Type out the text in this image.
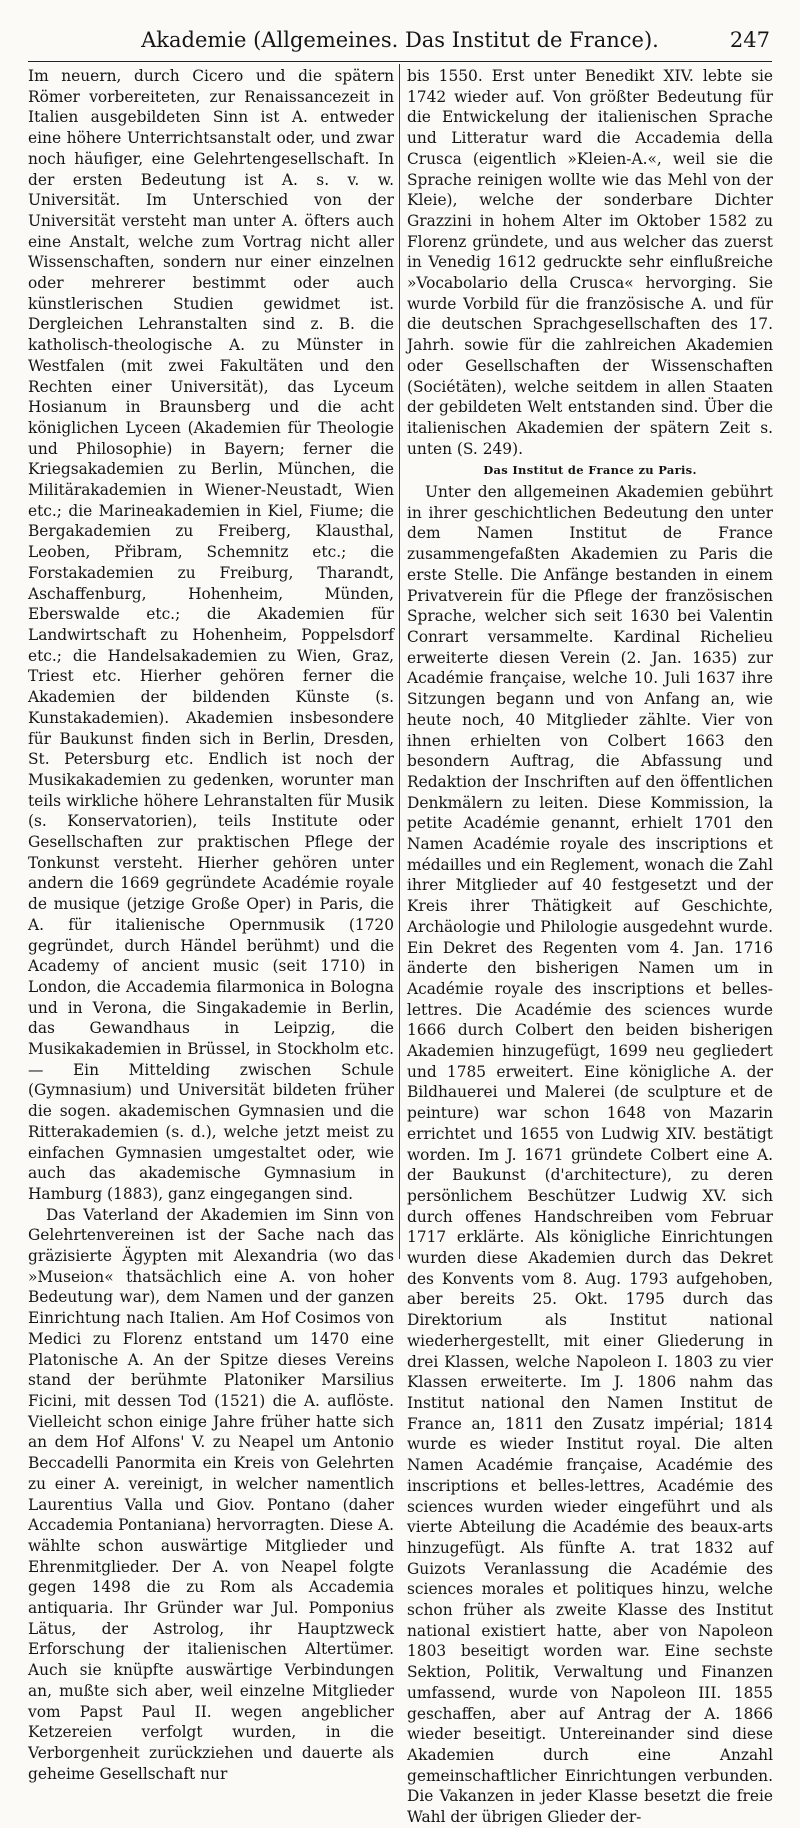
Akademie (Allgemeines. Das Institut de France).	247

Im neuern, durch Cicero und die spätern Römer vorbereiteten, zur Renaissancezeit in Italien ausgebildeten Sinn ist A. entweder eine höhere Unterrichtsanstalt oder, und zwar noch häufiger, eine Gelehrtengesellschaft. In der ersten Bedeutung ist A. s. v. w. Universität. Im Unterschied von der Universität versteht man unter A. öfters auch eine Anstalt, welche zum Vortrag nicht aller Wissenschaften, sondern nur einer einzelnen oder mehrerer bestimmt oder auch künstlerischen Studien gewidmet ist. Dergleichen Lehranstalten sind z. B. die katholisch-theologische A. zu Münster in Westfalen (mit zwei Fakultäten und den Rechten einer Universität), das Lyceum Hosianum in Braunsberg und die acht königlichen Lyceen (Akademien für Theologie und Philosophie) in Bayern; ferner die Kriegsakademien zu Berlin, München, die Militärakademien in Wiener-Neustadt, Wien etc.; die Marineakademien in Kiel, Fiume; die Bergakademien zu Freiberg, Klausthal, Leoben, Přibram, Schemnitz etc.; die Forstakademien zu Freiburg, Tharandt, Aschaffenburg, Hohenheim, Münden, Eberswalde etc.; die Akademien für Landwirtschaft zu Hohenheim, Poppelsdorf etc.; die Handelsakademien zu Wien, Graz, Triest etc. Hierher gehören ferner die Akademien der bildenden Künste (s. Kunstakademien). Akademien insbesondere für Baukunst finden sich in Berlin, Dresden, St. Petersburg etc. Endlich ist noch der Musikakademien zu gedenken, worunter man teils wirkliche höhere Lehranstalten für Musik (s. Konservatorien), teils Institute oder Gesellschaften zur praktischen Pflege der Tonkunst versteht. Hierher gehören unter andern die 1669 gegründete Académie royale de musique (jetzige Große Oper) in Paris, die A. für italienische Opernmusik (1720 gegründet, durch Händel berühmt) und die Academy of ancient music (seit 1710) in London, die Accademia filarmonica in Bologna und in Verona, die Singakademie in Berlin, das Gewandhaus in Leipzig, die Musikakademien in Brüssel, in Stockholm etc. — Ein Mittelding zwischen Schule (Gymnasium) und Universität bildeten früher die sogen. akademischen Gymnasien und die Ritterakademien (s. d.), welche jetzt meist zu einfachen Gymnasien umgestaltet oder, wie auch das akademische Gymnasium in Hamburg (1883), ganz eingegangen sind.

Das Vaterland der Akademien im Sinn von Gelehrtenvereinen ist der Sache nach das gräzisierte Ägypten mit Alexandria (wo das »Museion« thatsächlich eine A. von hoher Bedeutung war), dem Namen und der ganzen Einrichtung nach Italien. Am Hof Cosimos von Medici zu Florenz entstand um 1470 eine Platonische A. An der Spitze dieses Vereins stand der berühmte Platoniker Marsilius Ficini, mit dessen Tod (1521) die A. auflöste. Vielleicht schon einige Jahre früher hatte sich an dem Hof Alfons' V. zu Neapel um Antonio Beccadelli Panormita ein Kreis von Gelehrten zu einer A. vereinigt, in welcher namentlich Laurentius Valla und Giov. Pontano (daher Accademia Pontaniana) hervorragten. Diese A. wählte schon auswärtige Mitglieder und Ehrenmitglieder. Der A. von Neapel folgte gegen 1498 die zu Rom als Accademia antiquaria. Ihr Gründer war Jul. Pomponius Lätus, der Astrolog, ihr Hauptzweck Erforschung der italienischen Altertümer. Auch sie knüpfte auswärtige Verbindungen an, mußte sich aber, weil einzelne Mitglieder vom Papst Paul II. wegen angeblicher Ketzereien verfolgt wurden, in die Verborgenheit zurückziehen und dauerte als geheime Gesellschaft nur

bis 1550. Erst unter Benedikt XIV. lebte sie 1742 wieder auf. Von größter Bedeutung für die Entwickelung der italienischen Sprache und Litteratur ward die Accademia della Crusca (eigentlich »Kleien-A.«, weil sie die Sprache reinigen wollte wie das Mehl von der Kleie), welche der sonderbare Dichter Grazzini in hohem Alter im Oktober 1582 zu Florenz gründete, und aus welcher das zuerst in Venedig 1612 gedruckte sehr einflußreiche »Vocabolario della Crusca« hervorging. Sie wurde Vorbild für die französische A. und für die deutschen Sprachgesellschaften des 17. Jahrh. sowie für die zahlreichen Akademien oder Gesellschaften der Wissenschaften (Sociétäten), welche seitdem in allen Staaten der gebildeten Welt entstanden sind. Über die italienischen Akademien der spätern Zeit s. unten (S. 249).

Das Institut de France zu Paris.

Unter den allgemeinen Akademien gebührt in ihrer geschichtlichen Bedeutung den unter dem Namen Institut de France zusammengefaßten Akademien zu Paris die erste Stelle. Die Anfänge bestanden in einem Privatverein für die Pflege der französischen Sprache, welcher sich seit 1630 bei Valentin Conrart versammelte. Kardinal Richelieu erweiterte diesen Verein (2. Jan. 1635) zur Académie française, welche 10. Juli 1637 ihre Sitzungen begann und von Anfang an, wie heute noch, 40 Mitglieder zählte. Vier von ihnen erhielten von Colbert 1663 den besondern Auftrag, die Abfassung und Redaktion der Inschriften auf den öffentlichen Denkmälern zu leiten. Diese Kommission, la petite Académie genannt, erhielt 1701 den Namen Académie royale des inscriptions et médailles und ein Reglement, wonach die Zahl ihrer Mitglieder auf 40 festgesetzt und der Kreis ihrer Thätigkeit auf Geschichte, Archäologie und Philologie ausgedehnt wurde. Ein Dekret des Regenten vom 4. Jan. 1716 änderte den bisherigen Namen um in Académie royale des inscriptions et belles-lettres. Die Académie des sciences wurde 1666 durch Colbert den beiden bisherigen Akademien hinzugefügt, 1699 neu gegliedert und 1785 erweitert. Eine königliche A. der Bildhauerei und Malerei (de sculpture et de peinture) war schon 1648 von Mazarin errichtet und 1655 von Ludwig XIV. bestätigt worden. Im J. 1671 gründete Colbert eine A. der Baukunst (d'architecture), zu deren persönlichem Beschützer Ludwig XV. sich durch offenes Handschreiben vom Februar 1717 erklärte. Als königliche Einrichtungen wurden diese Akademien durch das Dekret des Konvents vom 8. Aug. 1793 aufgehoben, aber bereits 25. Okt. 1795 durch das Direktorium als Institut national wiederhergestellt, mit einer Gliederung in drei Klassen, welche Napoleon I. 1803 zu vier Klassen erweiterte. Im J. 1806 nahm das Institut national den Namen Institut de France an, 1811 den Zusatz impérial; 1814 wurde es wieder Institut royal. Die alten Namen Académie française, Académie des inscriptions et belles-lettres, Académie des sciences wurden wieder eingeführt und als vierte Abteilung die Académie des beaux-arts hinzugefügt. Als fünfte A. trat 1832 auf Guizots Veranlassung die Académie des sciences morales et politiques hinzu, welche schon früher als zweite Klasse des Institut national existiert hatte, aber von Napoleon 1803 beseitigt worden war. Eine sechste Sektion, Politik, Verwaltung und Finanzen umfassend, wurde von Napoleon III. 1855 geschaffen, aber auf Antrag der A. 1866 wieder beseitigt. Untereinander sind diese Akademien durch eine Anzahl gemeinschaftlicher Einrichtungen verbunden. Die Vakanzen in jeder Klasse besetzt die freie Wahl der übrigen Glieder der-
